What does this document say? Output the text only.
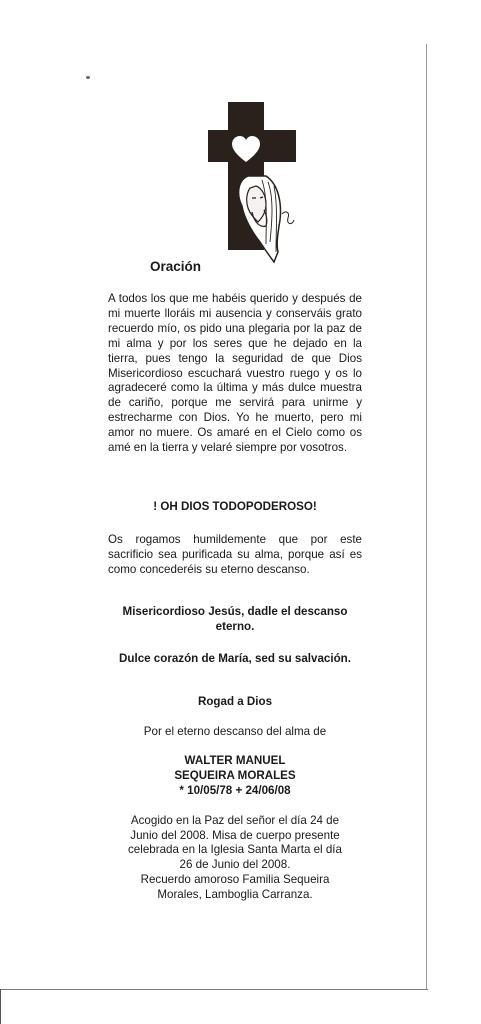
Oración

A todos los que me habéis querido y después de mi muerte lloráis mi ausencia y conserváis grato recuerdo mío, os pido una plegaria por la paz de mi alma y por los seres que he dejado en la tierra, pues tengo la seguridad de que Dios Misericordioso escuchará vuestro ruego y os lo agradeceré como la última y más dulce muestra de cariño, porque me servirá para unirme y estrecharme con Dios. Yo he muerto, pero mi amor no muere. Os amaré en el Cielo como os amé en la tierra y velaré siempre por vosotros.

! OH DIOS TODOPODEROSO!

Os rogamos humildemente que por este sacrificio sea purificada su alma, porque así es como concederéis su eterno descanso.

Misericordioso Jesús, dadle el descanso eterno.

Dulce corazón de María, sed su salvación.

Rogad a Dios

Por el eterno descanso del alma de

WALTER MANUEL

SEQUEIRA MORALES

* 10/05/78 + 24/06/08

Acogido en la Paz del señor el día 24 de
Junio del 2008. Misa de cuerpo presente
celebrada en la Iglesia Santa Marta el día
26 de Junio del 2008.
Recuerdo amoroso Familia Sequeira
Morales, Lamboglia Carranza.
